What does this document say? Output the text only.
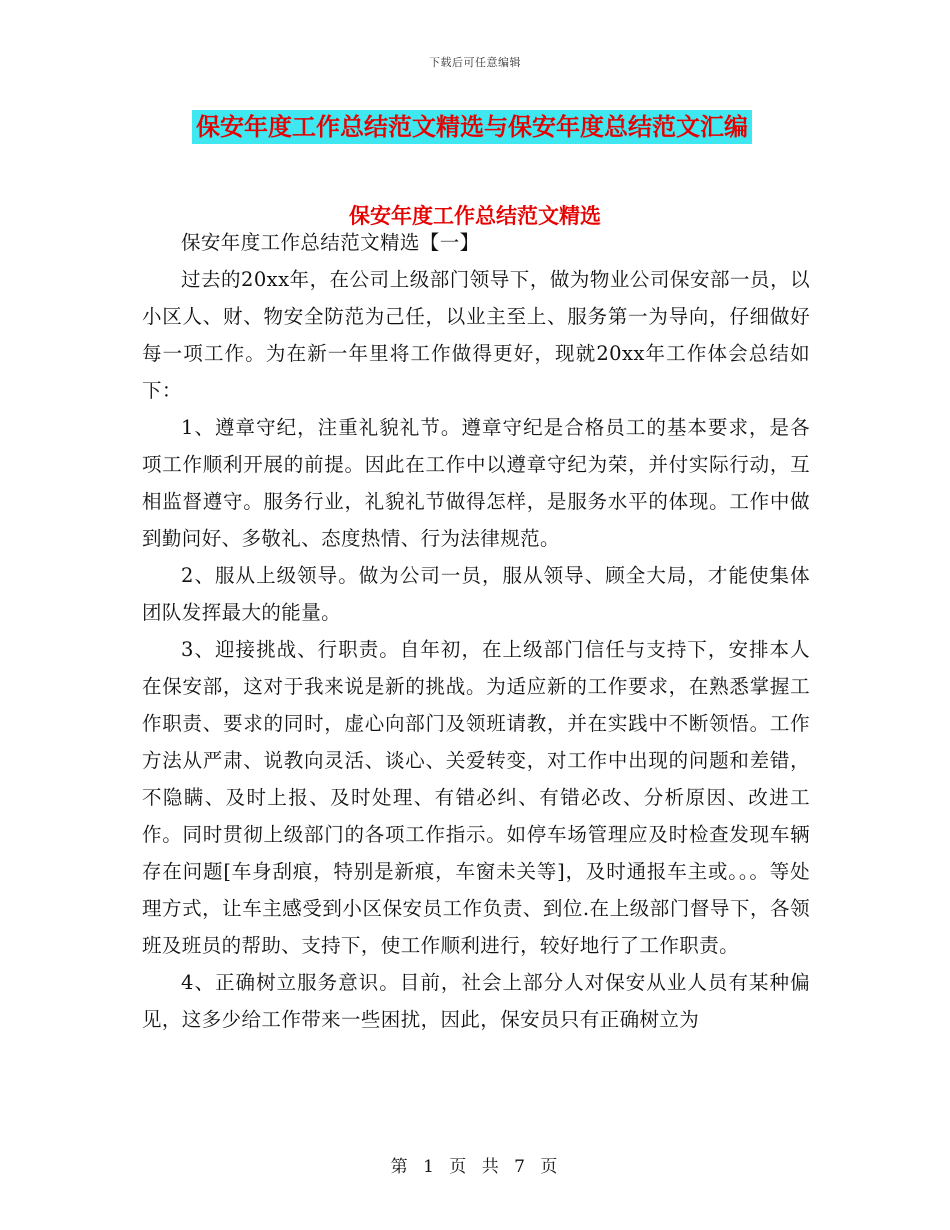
下载后可任意编辑
保安年度工作总结范文精选与保安年度总结范文汇编
保安年度工作总结范文精选

保安年度工作总结范文精选【一】

过去的20xx年，在公司上级部门领导下，做为物业公司保安部一员，以小区人、财、物安全防范为己任，以业主至上、服务第一为导向，仔细做好每一项工作。为在新一年里将工作做得更好，现就20xx年工作体会总结如下：

1、遵章守纪，注重礼貌礼节。遵章守纪是合格员工的基本要求，是各项工作顺利开展的前提。因此在工作中以遵章守纪为荣，并付实际行动，互相监督遵守。服务行业，礼貌礼节做得怎样，是服务水平的体现。工作中做到勤问好、多敬礼、态度热情、行为法律规范。

2、服从上级领导。做为公司一员，服从领导、顾全大局，才能使集体团队发挥最大的能量。

3、迎接挑战、行职责。自年初，在上级部门信任与支持下，安排本人在保安部，这对于我来说是新的挑战。为适应新的工作要求，在熟悉掌握工作职责、要求的同时，虚心向部门及领班请教，并在实践中不断领悟。工作方法从严肃、说教向灵活、谈心、关爱转变，对工作中出现的问题和差错，不隐瞒、及时上报、及时处理、有错必纠、有错必改、分析原因、改进工作。同时贯彻上级部门的各项工作指示。如停车场管理应及时检查发现车辆存在问题[车身刮痕，特别是新痕，车窗未关等]，及时通报车主或。。。等处理方式，让车主感受到小区保安员工作负责、到位.在上级部门督导下，各领班及班员的帮助、支持下，使工作顺利进行，较好地行了工作职责。

4、正确树立服务意识。目前，社会上部分人对保安从业人员有某种偏见，这多少给工作带来一些困扰，因此，保安员只有正确树立为

第 1 页 共 7 页
